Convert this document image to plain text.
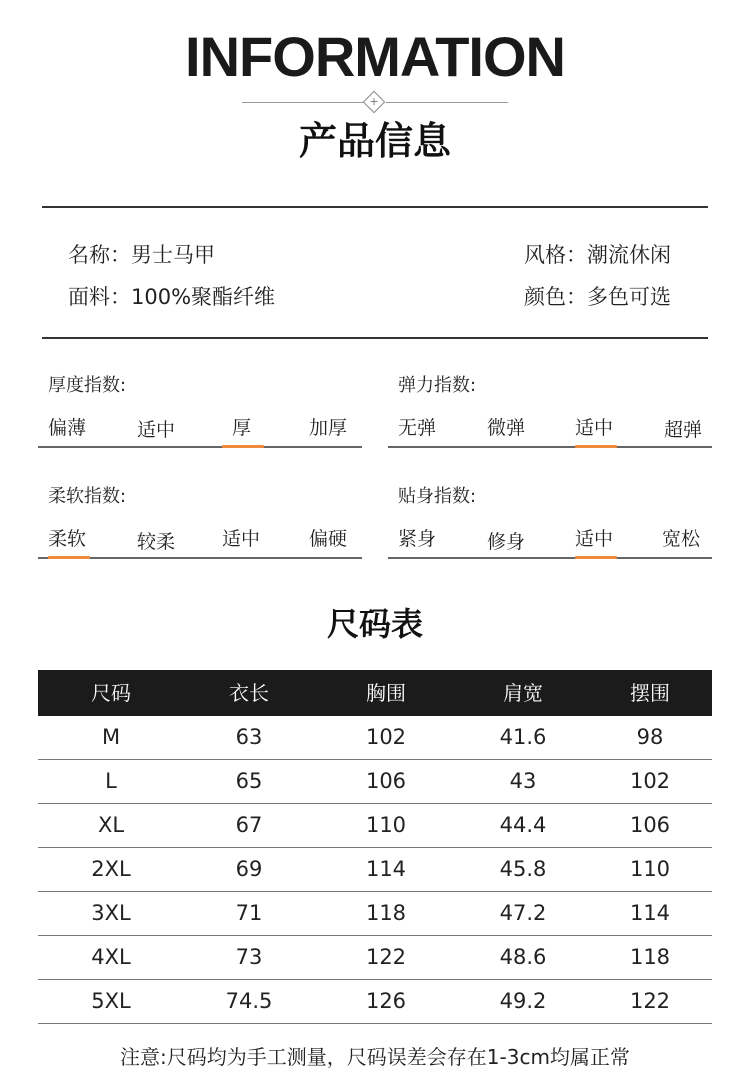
INFORMATION
+
产品信息
名称：男士马甲	风格：潮流休闲
面料：100%聚酯纤维	颜色：多色可选
厚度指数:
偏薄	适中	厚	加厚
弹力指数:
无弹	微弹	适中	超弹
柔软指数:
柔软	较柔 适中	偏硬
贴身指数:
紧身	修身	适中	宽松
尺码表
尺码	衣长	胸围	肩宽	摆围
M	63	102	41.6	98
L	65	106	43	102
XL	67	110	44.4	106
2XL	69	114	45.8	110
3XL	71	118	47.2	114
4XL	73	122	48.6	118
5XL	74.5	126	49.2	122
注意:尺码均为手工测量，尺码误差会存在1-3cm均属正常
